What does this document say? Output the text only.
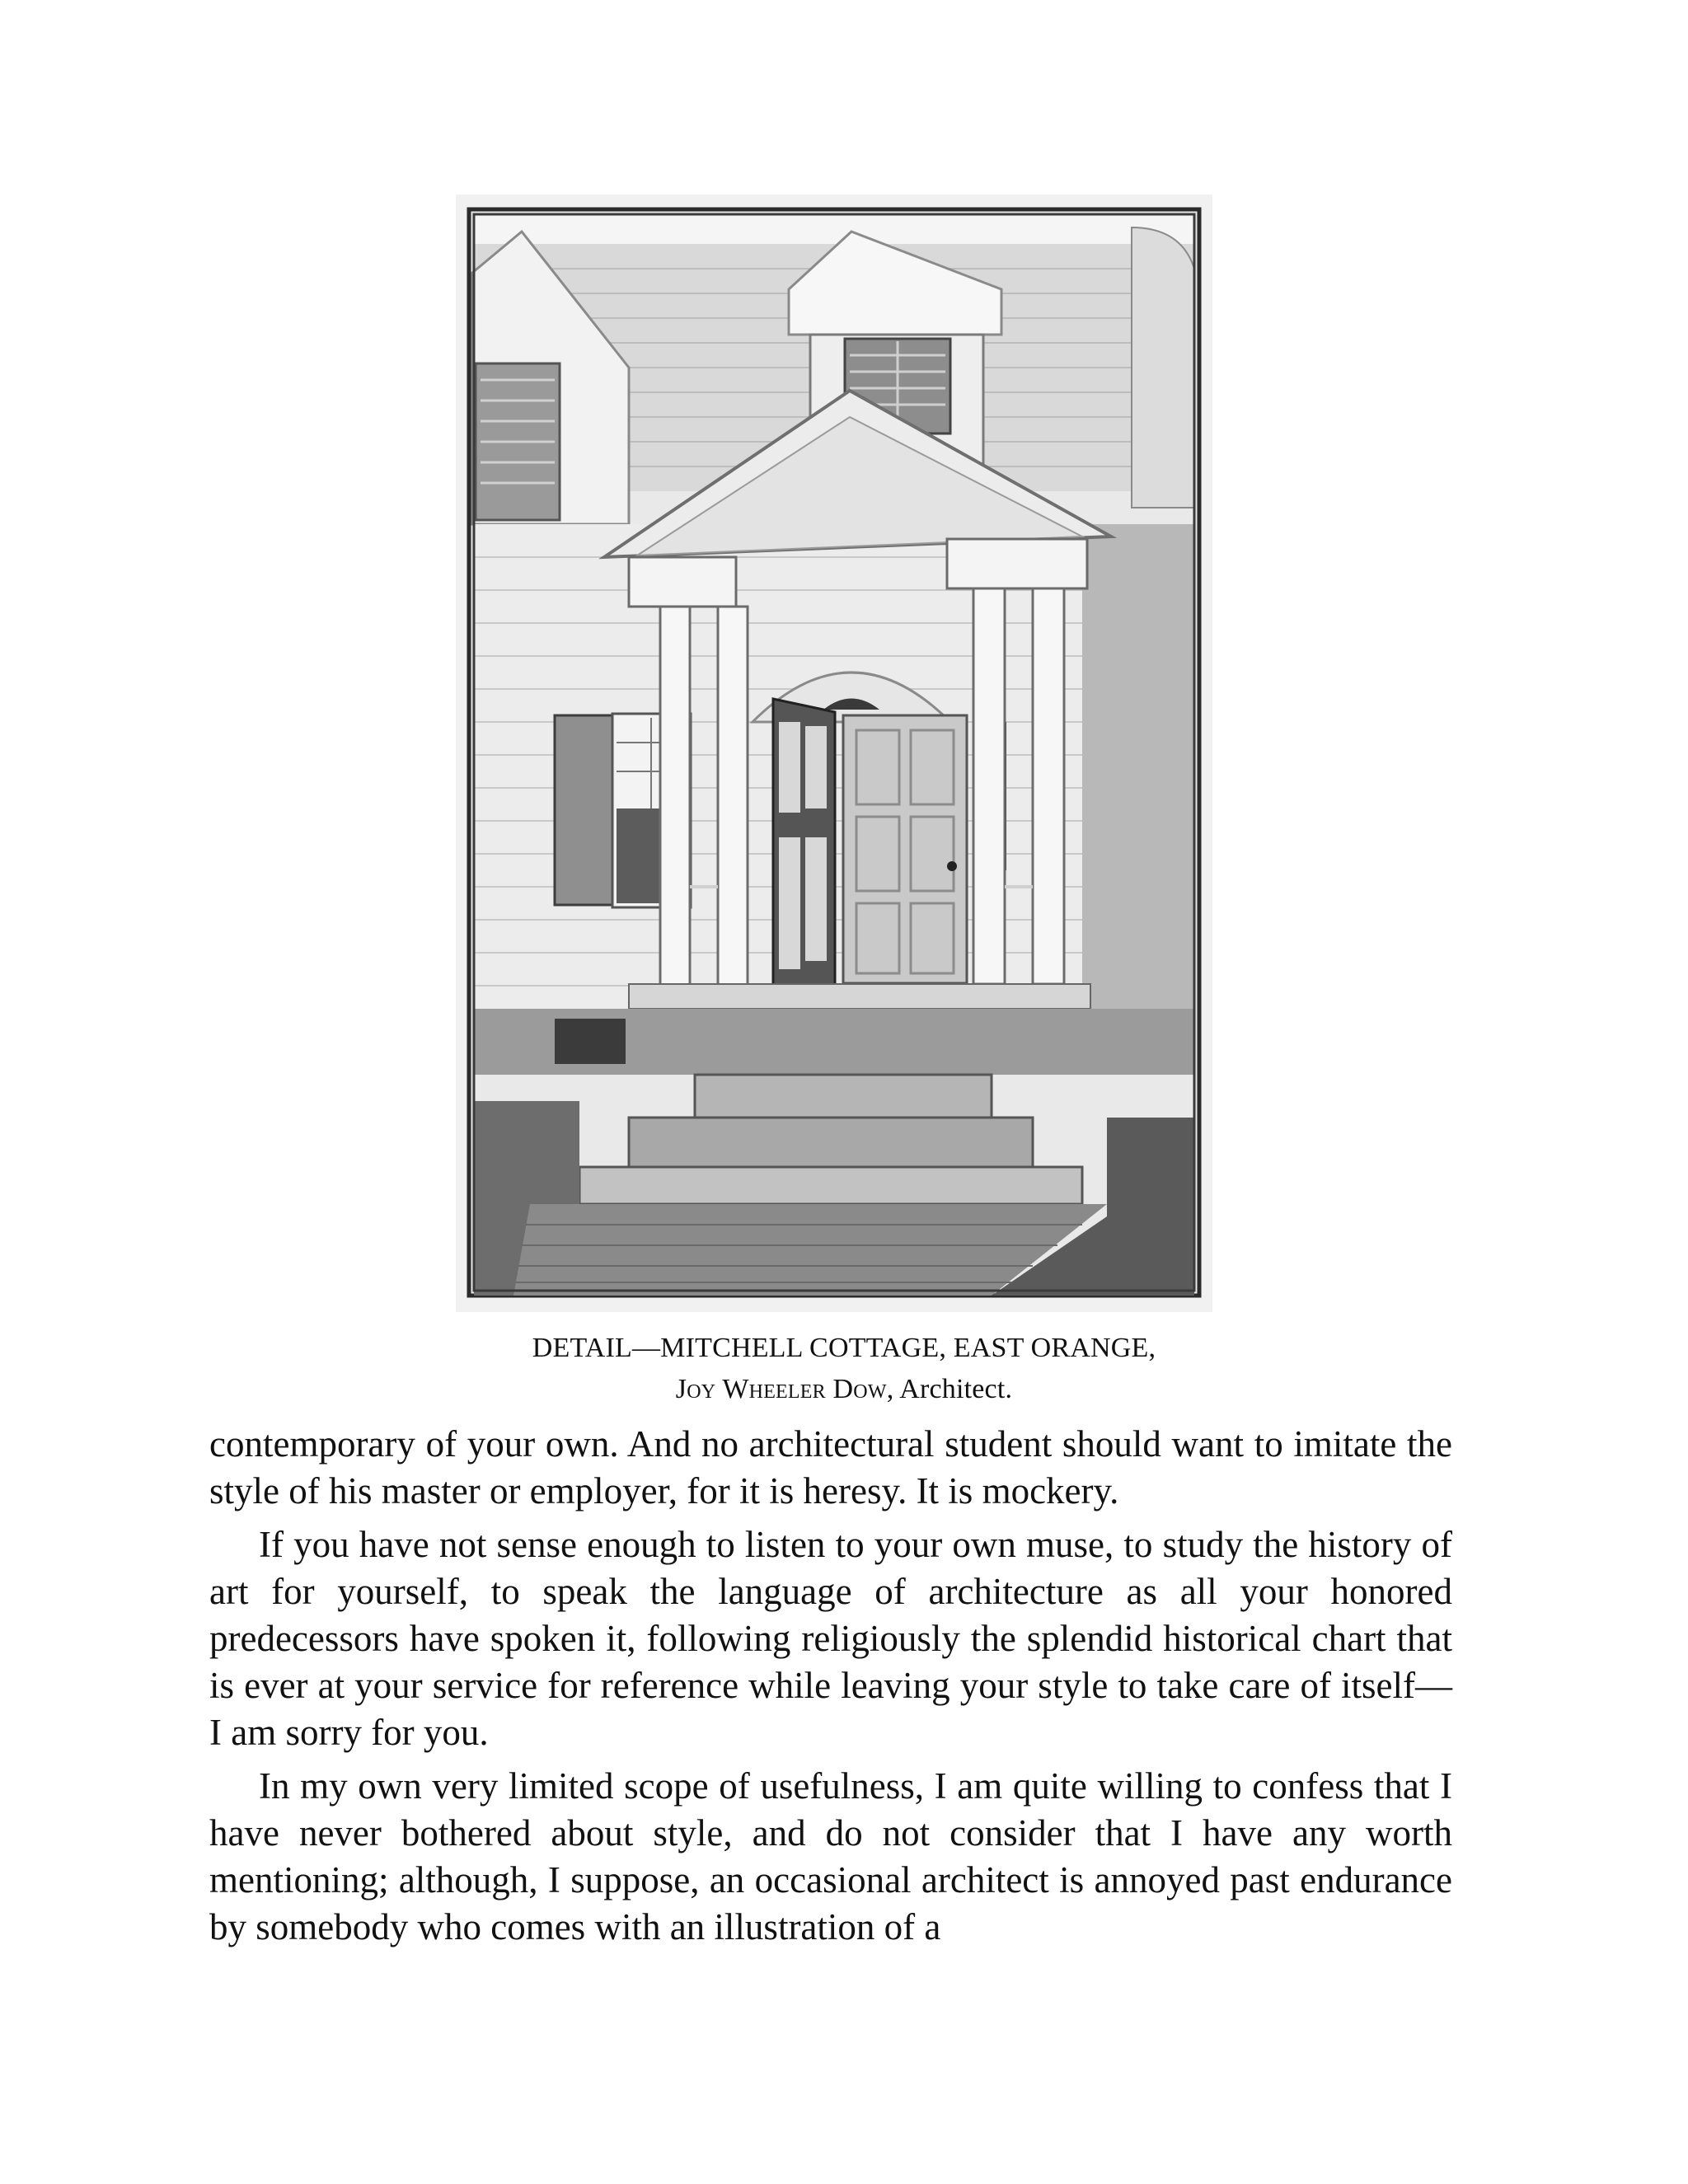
DETAIL—MITCHELL COTTAGE, EAST ORANGE,
Joy Wheeler Dow, Architect.

contemporary of your own. And no architectural student should want to imitate the style of his master or employer, for it is heresy. It is mockery.

If you have not sense enough to listen to your own muse, to study the history of art for yourself, to speak the language of architecture as all your honored predecessors have spoken it, following religiously the splendid historical chart that is ever at your service for reference while leaving your style to take care of itself—I am sorry for you.

In my own very limited scope of usefulness, I am quite willing to confess that I have never bothered about style, and do not consider that I have any worth mentioning; although, I suppose, an occasional architect is annoyed past endurance by somebody who comes with an illustration of a
